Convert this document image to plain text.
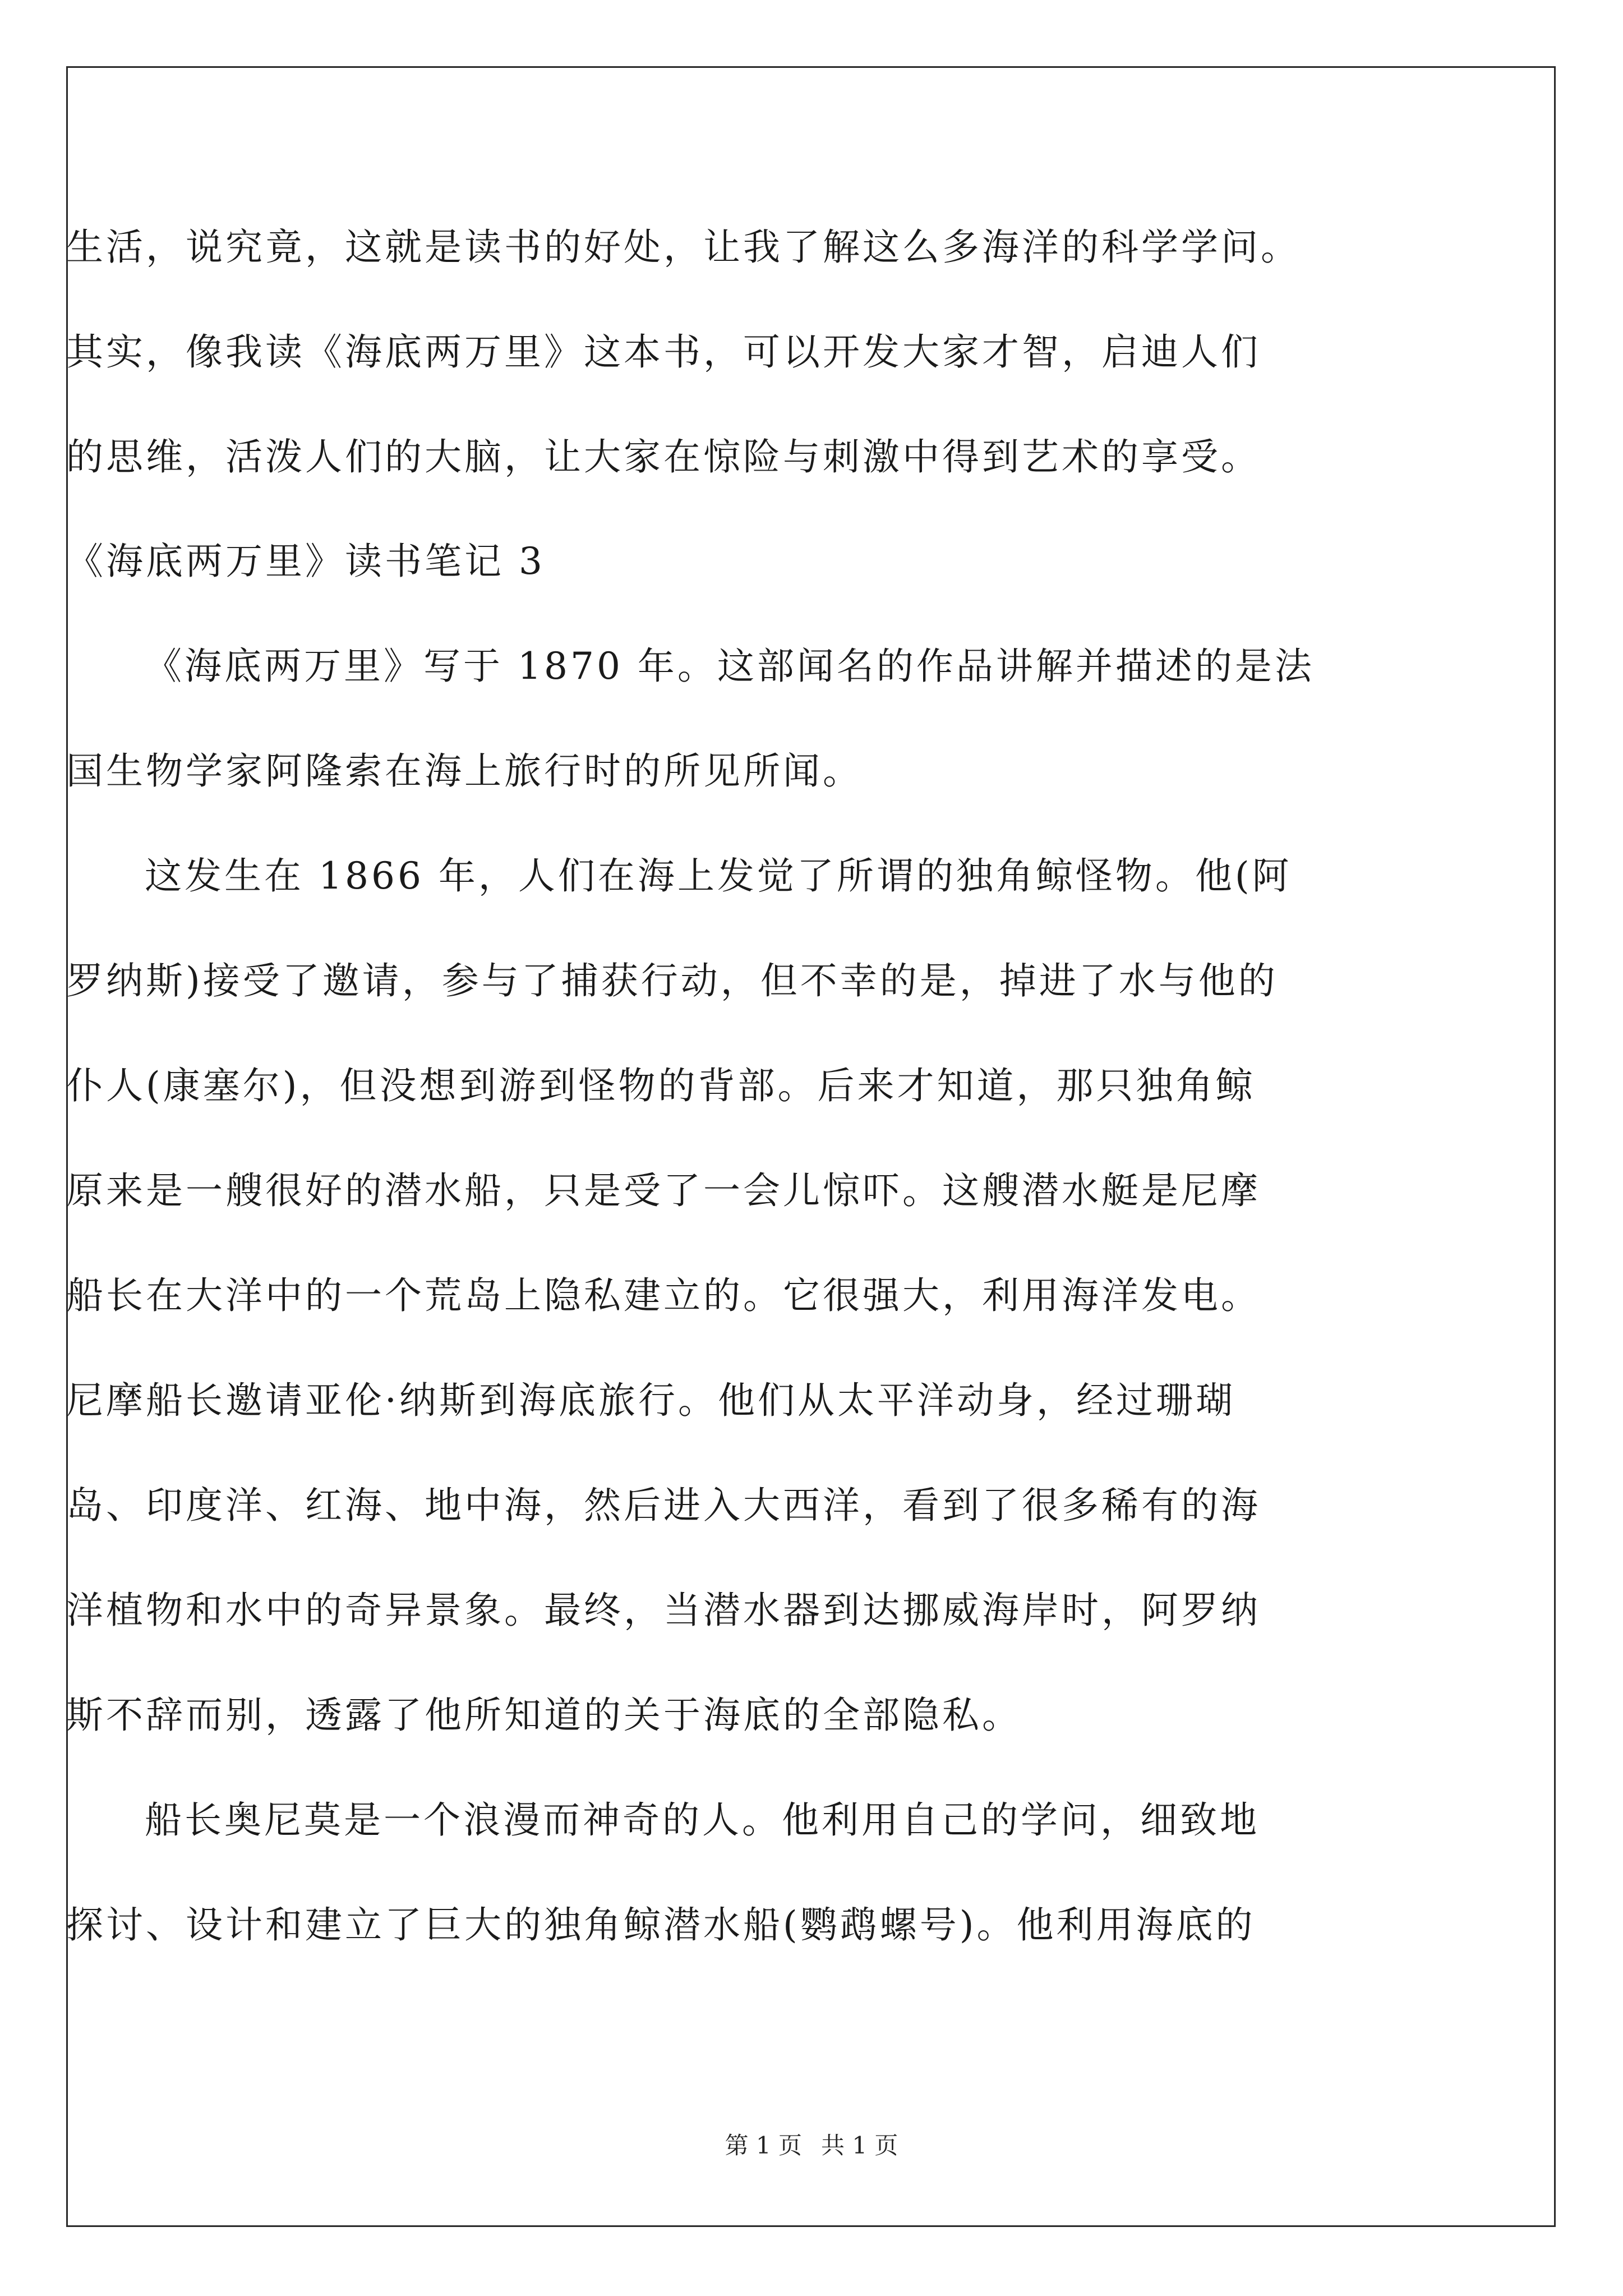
生活，说究竟，这就是读书的好处，让我了解这么多海洋的科学学问。
其实，像我读《海底两万里》这本书，可以开发大家才智，启迪人们
的思维，活泼人们的大脑，让大家在惊险与刺激中得到艺术的享受。
《海底两万里》读书笔记 3
《海底两万里》写于 1870 年。这部闻名的作品讲解并描述的是法
国生物学家阿隆索在海上旅行时的所见所闻。
这发生在 1866 年，人们在海上发觉了所谓的独角鲸怪物。他(阿
罗纳斯)接受了邀请，参与了捕获行动，但不幸的是，掉进了水与他的
仆人(康塞尔)，但没想到游到怪物的背部。后来才知道，那只独角鲸
原来是一艘很好的潜水船，只是受了一会儿惊吓。这艘潜水艇是尼摩
船长在大洋中的一个荒岛上隐私建立的。它很强大，利用海洋发电。
尼摩船长邀请亚伦·纳斯到海底旅行。他们从太平洋动身，经过珊瑚
岛、印度洋、红海、地中海，然后进入大西洋，看到了很多稀有的海
洋植物和水中的奇异景象。最终，当潜水器到达挪威海岸时，阿罗纳
斯不辞而别，透露了他所知道的关于海底的全部隐私。
船长奥尼莫是一个浪漫而神奇的人。他利用自己的学问，细致地
探讨、设计和建立了巨大的独角鲸潜水船(鹦鹉螺号)。他利用海底的
第 1 页 共 1 页
